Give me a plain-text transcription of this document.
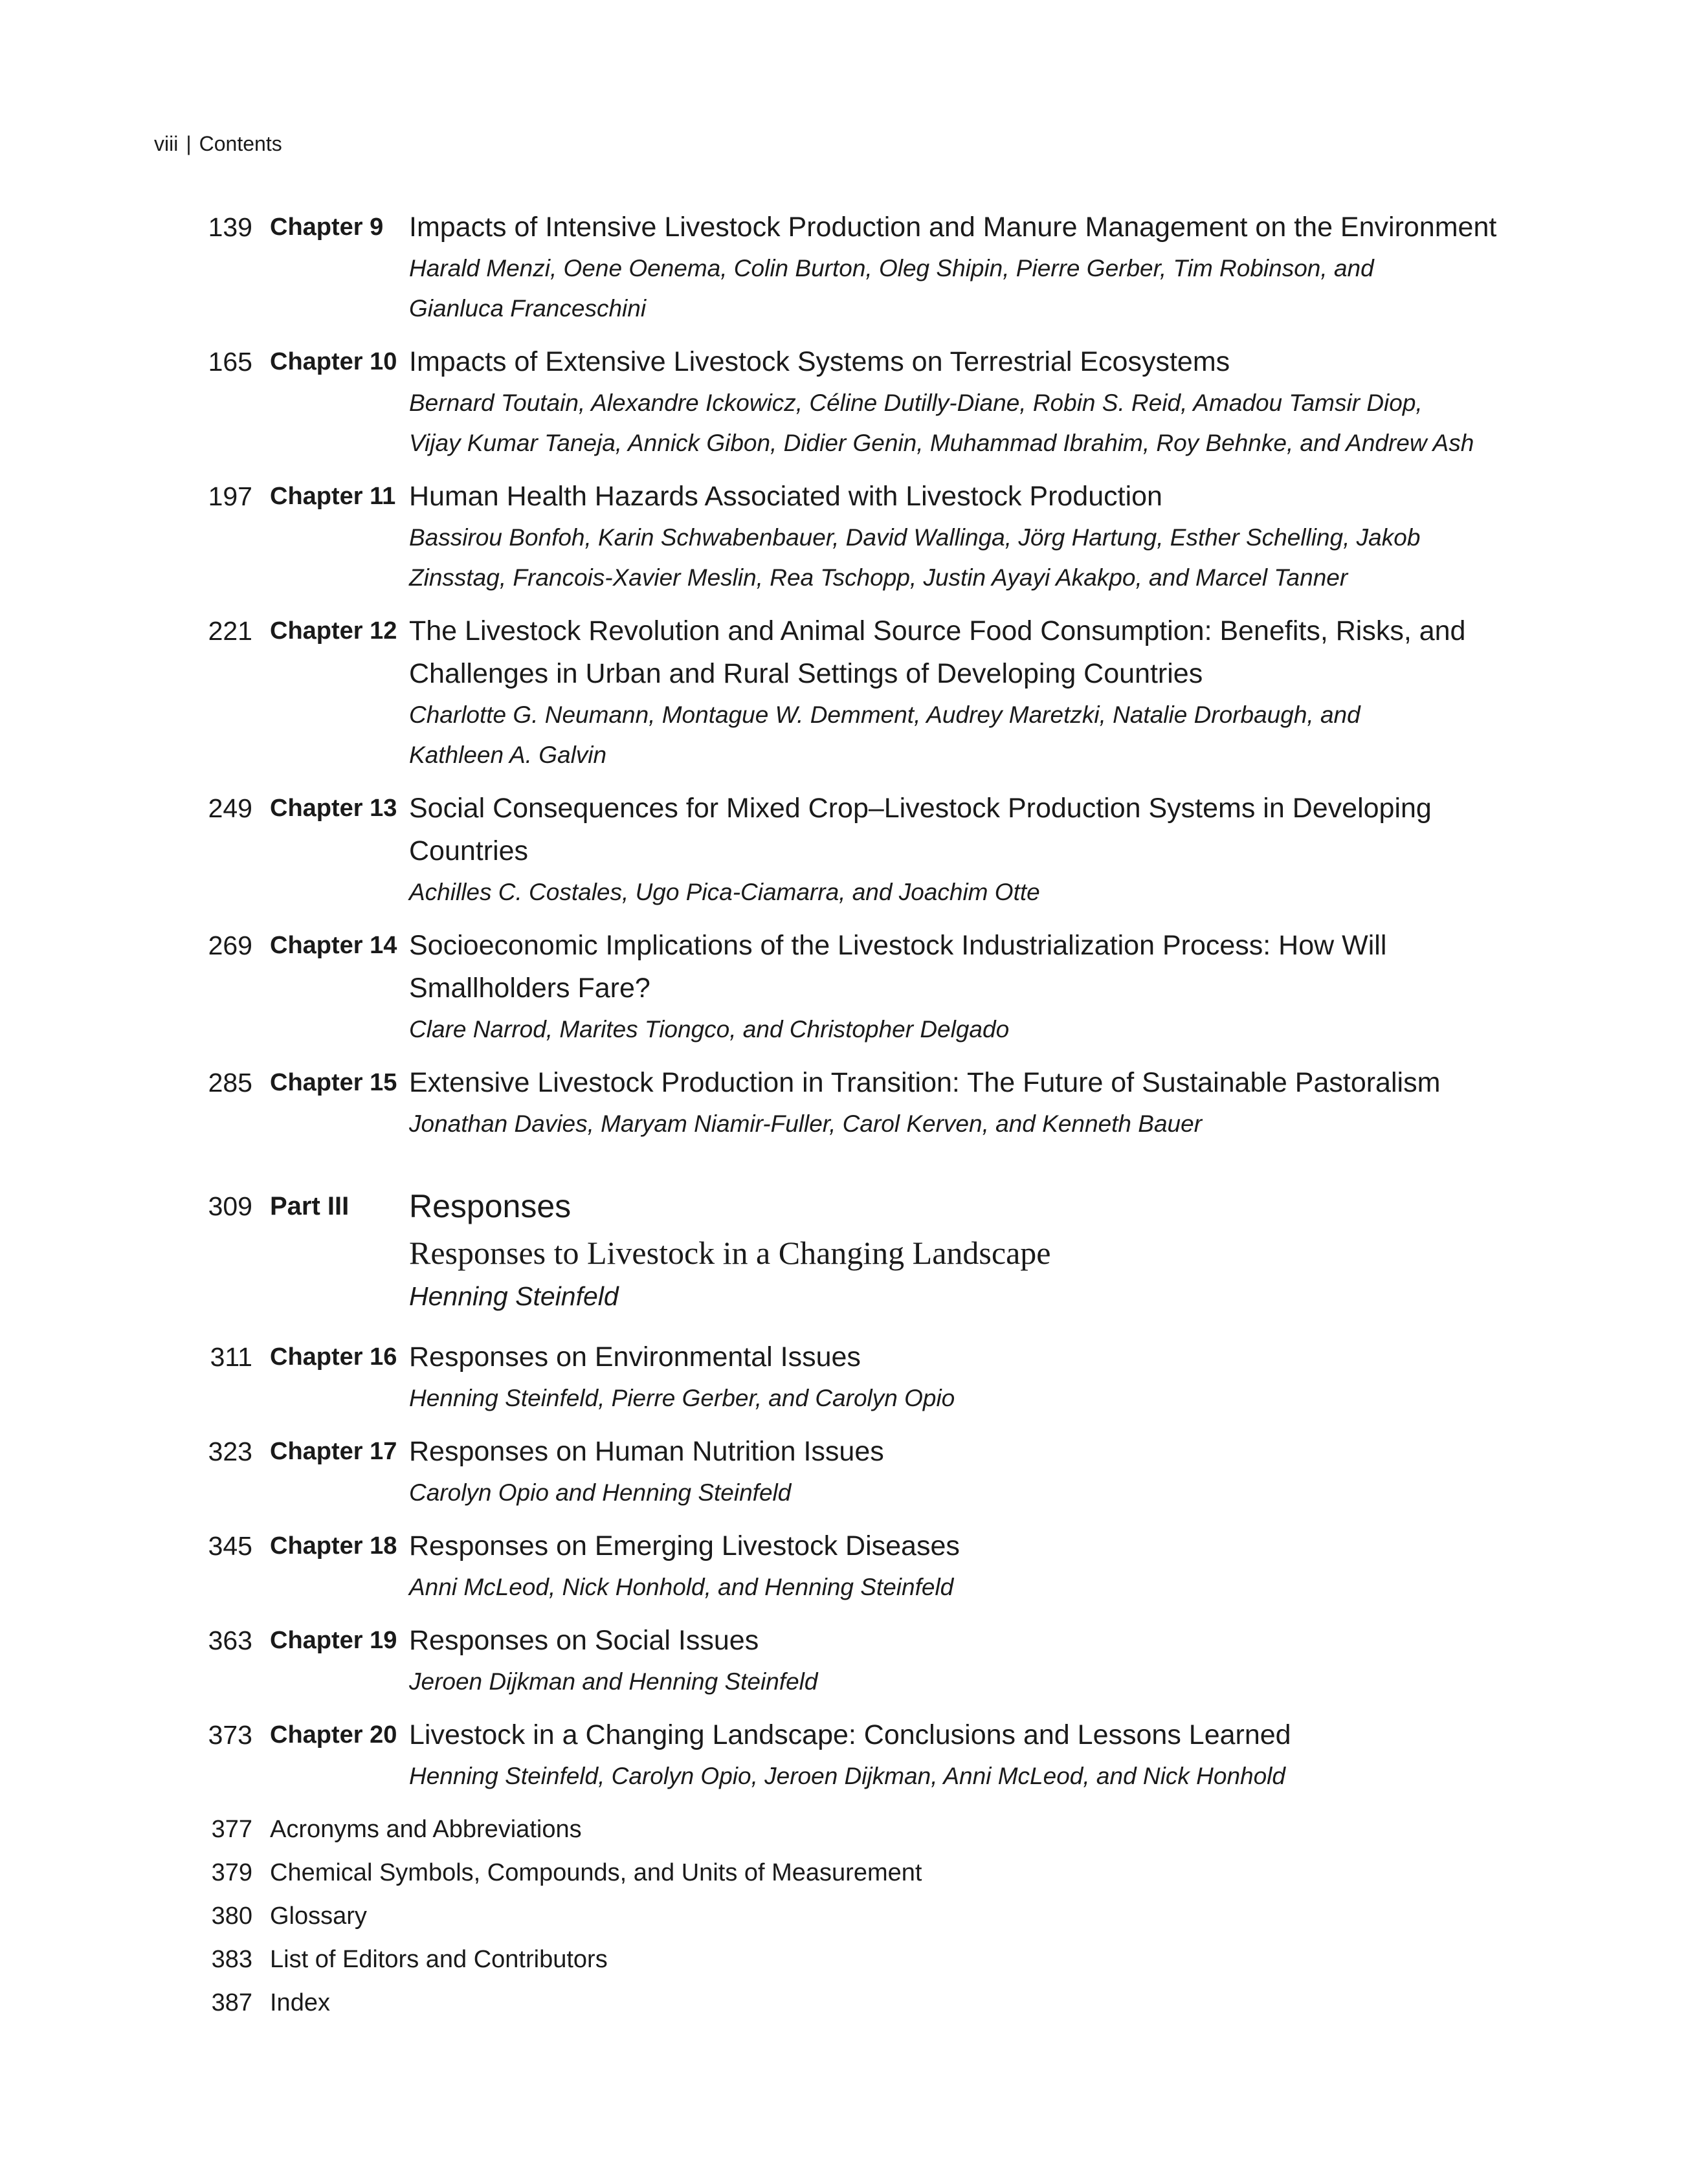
viii | Contents
139 Chapter 9 Impacts of Intensive Livestock Production and Manure Management on the Environment
Harald Menzi, Oene Oenema, Colin Burton, Oleg Shipin, Pierre Gerber, Tim Robinson, and
Gianluca Franceschini
165 Chapter 10 Impacts of Extensive Livestock Systems on Terrestrial Ecosystems
Bernard Toutain, Alexandre Ickowicz, Céline Dutilly-Diane, Robin S. Reid, Amadou Tamsir Diop,
Vijay Kumar Taneja, Annick Gibon, Didier Genin, Muhammad Ibrahim, Roy Behnke, and Andrew Ash
197 Chapter 11 Human Health Hazards Associated with Livestock Production
Bassirou Bonfoh, Karin Schwabenbauer, David Wallinga, Jörg Hartung, Esther Schelling, Jakob
Zinsstag, Francois-Xavier Meslin, Rea Tschopp, Justin Ayayi Akakpo, and Marcel Tanner
221 Chapter 12 The Livestock Revolution and Animal Source Food Consumption: Benefits, Risks, and
Challenges in Urban and Rural Settings of Developing Countries
Charlotte G. Neumann, Montague W. Demment, Audrey Maretzki, Natalie Drorbaugh, and
Kathleen A. Galvin
249 Chapter 13 Social Consequences for Mixed Crop–Livestock Production Systems in Developing
Countries
Achilles C. Costales, Ugo Pica-Ciamarra, and Joachim Otte
269 Chapter 14 Socioeconomic Implications of the Livestock Industrialization Process: How Will
Smallholders Fare?
Clare Narrod, Marites Tiongco, and Christopher Delgado
285 Chapter 15 Extensive Livestock Production in Transition: The Future of Sustainable Pastoralism
Jonathan Davies, Maryam Niamir-Fuller, Carol Kerven, and Kenneth Bauer
309 Part III	Responses
Responses to Livestock in a Changing Landscape
Henning Steinfeld
311 Chapter 16 Responses on Environmental Issues
Henning Steinfeld, Pierre Gerber, and Carolyn Opio
323 Chapter 17 Responses on Human Nutrition Issues
Carolyn Opio and Henning Steinfeld
345 Chapter 18 Responses on Emerging Livestock Diseases
Anni McLeod, Nick Honhold, and Henning Steinfeld
363 Chapter 19 Responses on Social Issues
Jeroen Dijkman and Henning Steinfeld
373 Chapter 20 Livestock in a Changing Landscape: Conclusions and Lessons Learned
Henning Steinfeld, Carolyn Opio, Jeroen Dijkman, Anni McLeod, and Nick Honhold
377 Acronyms and Abbreviations
379 Chemical Symbols, Compounds, and Units of Measurement
380 Glossary
383 List of Editors and Contributors
387 Index
